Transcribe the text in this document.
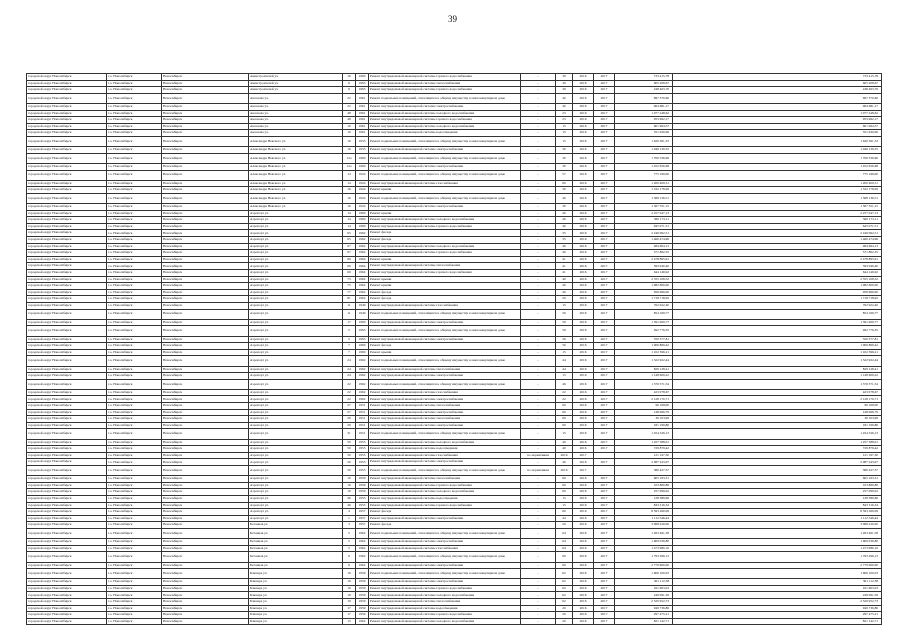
39
городской округ Новосибирск	г.о. Новосибирск	Новосибирск	Авиастроителей ул.	16	1960	Ремонт внутридомовой инженерной системы горячего водоснабжения	-	39	2016	2017	733 415,78	733 415,78
городской округ Новосибирск	г.о. Новосибирск	Новосибирск	Авиастроителей ул.	6	1963	Ремонт внутридомовой инженерной системы теплоснабжения	-	39	2016	2017	605 208,67	605 208,67
городской округ Новосибирск	г.о. Новосибирск	Новосибирск	Авиастроителей ул.	6	1963	Ремонт внутридомовой инженерной системы горячего водоснабжения	-	39	2016	2017	248 463,76	248 463,76
городской округ Новосибирск	г.о. Новосибирск	Новосибирск	Аксенова ул.	22	1961	Ремонт подвальных помещений, относящихся к общему имуществу в многоквартирном доме	-	40	2016	2017	697 370,60	697 370,60
городской округ Новосибирск	г.о. Новосибирск	Новосибирск	Аксенова ул.	22	1961	Ремонт внутридомовой инженерной системы электроснабжения	-	40	2016	2017	964 681,17	964 681,17
городской округ Новосибирск	г.о. Новосибирск	Новосибирск	Аксенова ул.	48	1961	Ремонт внутридомовой инженерной системы холодного водоснабжения	-	23	2016	2017	1 077 248,62	1 077 248,62
городской округ Новосибирск	г.о. Новосибирск	Новосибирск	Аксенова ул.	48	1961	Ремонт внутридомовой инженерной системы горячего водоснабжения	-	23	2016	2017	953 962,17	953 962,17
городской округ Новосибирск	г.о. Новосибирск	Новосибирск	Аксенова ул.	10	1961	Ремонт внутридомовой инженерной системы холодного водоснабжения	-	15	2016	2017	601 964,57	601 964,57
городской округ Новосибирск	г.о. Новосибирск	Новосибирск	Аксенова ул.	10	1961	Ремонт внутридомовой инженерной системы водоотведения	-	15	2016	2017	351 630,06	351 630,06
городской округ Новосибирск	г.о. Новосибирск	Новосибирск	Александра Невского ул.	10	1935	Ремонт подвальных помещений, относящихся к общему имуществу в многоквартирном доме	-	15	2016	2017	1 620 361,33	1 620 361,33
городской округ Новосибирск	г.о. Новосибирск	Новосибирск	Александра Невского ул.	10	1935	Ремонт внутридомовой инженерной системы электроснабжения	-	30	2016	2017	1 046 139,35	1 046 139,35
городской округ Новосибирск	г.о. Новосибирск	Новосибирск	Александра Невского ул.	12а	1960	Ремонт подвальных помещений, относящихся к общему имуществу в многоквартирном доме	-	30	2016	2017	1 706 336,96	1 706 336,96
городской округ Новосибирск	г.о. Новосибирск	Новосибирск	Александра Невского ул.	12а	1960	Ремонт внутридомовой инженерной системы электроснабжения	-	30	2016	2017	1 452 656,68	1 452 656,68
городской округ Новосибирск	г.о. Новосибирск	Новосибирск	Александра Невского ул.	14	1924	Ремонт подвальных помещений, относящихся к общему имуществу в многоквартирном доме	-	57	2016	2017	775 199,00	775 199,00
городской округ Новосибирск	г.о. Новосибирск	Новосибирск	Александра Невского ул.	14	1924	Ремонт внутридомовой инженерной системы газоснабжения	-	60	2016	2017	1 200 409,31	1 200 409,31
городской округ Новосибирск	г.о. Новосибирск	Новосибирск	Александра Невского ул.	16	1924	Ремонт крыши	-	30	2016	2017	1 332 178,09	1 332 178,09
городской округ Новосибирск	г.о. Новосибирск	Новосибирск	Александра Невского ул.	16	1924	Ремонт подвальных помещений, относящихся к общему имуществу в многоквартирном доме	-	40	2016	2017	1 368 136,51	1 368 136,51
городской округ Новосибирск	г.о. Новосибирск	Новосибирск	Александра Невского ул.	16	1924	Ремонт внутридомовой инженерной системы электроснабжения	-	30	2016	2017	1 567 351,15	1 567 351,15
городской округ Новосибирск	г.о. Новосибирск	Новосибирск	Аэропорт ул.	14	1960	Ремонт крыши	-	40	2016	2017	2 257 047,13	2 257 047,13
городской округ Новосибирск	г.о. Новосибирск	Новосибирск	Аэропорт ул.	14	1960	Ремонт внутридомовой инженерной системы холодного водоснабжения	-	40	2016	2017	560 173,11	560 173,11
городской округ Новосибирск	г.о. Новосибирск	Новосибирск	Аэропорт ул.	14	1960	Ремонт внутридомовой инженерной системы горячего водоснабжения	-	40	2016	2017	645 071,51	645 071,51
городской округ Новосибирск	г.о. Новосибирск	Новосибирск	Аэропорт ул.	65	1962	Ремонт фасада	-	35	2016	2017	2 246 062,51	2 246 062,51
городской округ Новосибирск	г.о. Новосибирск	Новосибирск	Аэропорт ул.	65	1962	Ремонт фасада	-	35	2016	2017	1 460 474,96	1 460 474,96
городской округ Новосибирск	г.о. Новосибирск	Новосибирск	Аэропорт ул.	67	1962	Ремонт внутридомовой инженерной системы холодного водоснабжения	-	40	2016	2017	484 664,13	484 664,13
городской округ Новосибирск	г.о. Новосибирск	Новосибирск	Аэропорт ул.	67	1962	Ремонт внутридомовой инженерной системы горячего водоснабжения	-	40	2016	2017	571 862,35	571 862,35
городской округ Новосибирск	г.о. Новосибирск	Новосибирск	Аэропорт ул.	69	1964	Ремонт крыши	-	41	2016	2017	2 478 895,61	2 478 895,61
городской округ Новосибирск	г.о. Новосибирск	Новосибирск	Аэропорт ул.	69	1964	Ремонт внутридомовой инженерной системы теплоснабжения	-	41	2016	2017	593 040,40	593 040,40
городской округ Новосибирск	г.о. Новосибирск	Новосибирск	Аэропорт ул.	69	1964	Ремонт внутридомовой инженерной системы горячего водоснабжения	-	41	2016	2017	644 146,92	644 146,92
городской округ Новосибирск	г.о. Новосибирск	Новосибирск	Аэропорт ул.	73	1962	Ремонт крыши	-	40	2016	2017	2 355 108,52	2 355 108,52
городской округ Новосибирск	г.о. Новосибирск	Новосибирск	Аэропорт ул.	75	1962	Ремонт крыши	-	40	2016	2017	1 982 600,00	1 982 600,00
городской округ Новосибирск	г.о. Новосибирск	Новосибирск	Аэропорт ул.	77	1962	Ремонт фасада	-	40	2016	2017	956 966,00	956 966,00
городской округ Новосибирск	г.о. Новосибирск	Новосибирск	Аэропорт ул.	81	1962	Ремонт фасада	-	20	2016	2017	1 718 718,92	1 718 718,92
городской округ Новосибирск	г.о. Новосибирск	Новосибирск	Аэропорт ул.	11	1949	Ремонт внутридомовой инженерной системы газоснабжения	-	15	2016	2017	762 922,40	762 922,40
городской округ Новосибирск	г.о. Новосибирск	Новосибирск	Аэропорт ул.	11	1949	Ремонт подвальных помещений, относящихся к общему имуществу в многоквартирном доме	-	56	2016	2017	854 169,77	854 169,77
городской округ Новосибирск	г.о. Новосибирск	Новосибирск	Аэропорт ул.	17	1960	Ремонт внутридомовой инженерной системы электроснабжения	-	56	2016	2017	1 391 009,77	1 391 009,77
городской округ Новосибирск	г.о. Новосибирск	Новосибирск	Аэропорт ул.	5	1963	Ремонт подвальных помещений, относящихся к общему имуществу в многоквартирном доме	-	56	2016	2017	492 776,35	492 776,35
городской округ Новосибирск	г.о. Новосибирск	Новосибирск	Аэропорт ул.	5	1963	Ремонт внутридомовой инженерной системы электроснабжения	-	56	2016	2017	350 377,81	350 377,81
городской округ Новосибирск	г.о. Новосибирск	Новосибирск	Аэропорт ул.	7	1960	Ремонт фасада	-	56	2016	2017	1 906 869,42	1 906 869,42
городской округ Новосибирск	г.о. Новосибирск	Новосибирск	Аэропорт ул.	7	1960	Ремонт крыши	-	15	2016	2017	1 102 396,21	1 102 396,21
городской округ Новосибирск	г.о. Новосибирск	Новосибирск	Аэропорт ул.	24	1962	Ремонт подвальных помещений, относящихся к общему имуществу в многоквартирном доме	-	44	2016	2017	1 322 922,44	1 322 922,44
городской округ Новосибирск	г.о. Новосибирск	Новосибирск	Аэропорт ул.	24	1962	Ремонт внутридомовой инженерной системы теплоснабжения	-	44	2016	2017	829 128,41	829 128,41
городской округ Новосибирск	г.о. Новосибирск	Новосибирск	Аэропорт ул.	24	1962	Ремонт внутридомовой инженерной системы электроснабжения	-	15	2016	2017	1 148 609,22	1 148 609,22
городской округ Новосибирск	г.о. Новосибирск	Новосибирск	Аэропорт ул.	22	1962	Ремонт подвальных помещений, относящихся к общему имуществу в многоквартирном доме	-	46	2016	2017	1 376 571,54	1 376 571,54
городской округ Новосибирск	г.о. Новосибирск	Новосибирск	Аэропорт ул.	22	1962	Ремонт внутридомовой инженерной системы газоснабжения	-	22	2016	2017	423 078,67	423 078,67
городской округ Новосибирск	г.о. Новосибирск	Новосибирск	Аэропорт ул.	22	1962	Ремонт внутридомовой инженерной системы электроснабжения	-	22	2016	2017	2 128 170,71	2 128 170,71
городской округ Новосибирск	г.о. Новосибирск	Новосибирск	Аэропорт ул.	27	1951	Ремонт внутридомовой инженерной системы теплоснабжения	-	60	2016	2017	96 168,00	96 168,00
городской округ Новосибирск	г.о. Новосибирск	Новосибирск	Аэропорт ул.	27	1951	Ремонт внутридомовой инженерной системы электроснабжения	-	60	2016	2017	148 066,79	148 066,79
городской округ Новосибирск	г.о. Новосибирск	Новосибирск	Аэропорт ул.	29	1951	Ремонт внутридомовой инженерной системы теплоснабжения	-	60	2016	2017	30 103,99	30 103,99
городской округ Новосибирск	г.о. Новосибирск	Новосибирск	Аэропорт ул.	29	1951	Ремонт внутридомовой инженерной системы электроснабжения	-	60	2016	2017	181 199,86	181 199,86
городской округ Новосибирск	г.о. Новосибирск	Новосибирск	Аэропорт ул.	31	1951	Ремонт подвальных помещений, относящихся к общему имуществу в многоквартирном доме	-	15	2016	2017	1 454 326,13	1 454 326,13
городской округ Новосибирск	г.о. Новосибирск	Новосибирск	Аэропорт ул.	50	1955	Ремонт внутридомовой инженерной системы холодного водоснабжения	-	40	2016	2017	1 457 588,01	1 457 588,01
городской округ Новосибирск	г.о. Новосибирск	Новосибирск	Аэропорт ул.	50	1955	Ремонт внутридомовой инженерной системы водоотведения	-	40	2016	2017	729 879,42	729 879,42
городской округ Новосибирск	г.о. Новосибирск	Новосибирск	Аэропорт ул.	50	1955	Ремонт внутридомовой инженерной системы газоснабжения	по нормативам	2016	2017		121 197,30	121 197,30
городской округ Новосибирск	г.о. Новосибирск	Новосибирск	Аэропорт ул.	50	1955	Ремонт внутридомовой инженерной системы электроснабжения	-	40	2016	2017	2 087 243,07	2 087 243,07
городской округ Новосибирск	г.о. Новосибирск	Новосибирск	Аэропорт ул.	50	1955	Ремонт подвальных помещений, относящихся к общему имуществу в многоквартирном доме	по нормативам	2016	2017		380 427,57	380 427,57
городской округ Новосибирск	г.о. Новосибирск	Новосибирск	Аэропорт ул.	10	1959	Ремонт внутридомовой инженерной системы теплоснабжения	-	60	2016	2017	605 163,31	605 163,31
городской округ Новосибирск	г.о. Новосибирск	Новосибирск	Аэропорт ул.	10	1959	Ремонт внутридомовой инженерной системы горячего водоснабжения	-	60	2016	2017	103 860,89	103 860,89
городской округ Новосибирск	г.о. Новосибирск	Новосибирск	Аэропорт ул.	10	1959	Ремонт внутридомовой инженерной системы холодного водоснабжения	-	60	2016	2017	257 099,02	257 099,02
городской округ Новосибирск	г.о. Новосибирск	Новосибирск	Аэропорт ул.	46	1955	Ремонт внутридомовой инженерной системы водоотведения	-	15	2016	2017	128 389,66	128 389,66
городской округ Новосибирск	г.о. Новосибирск	Новосибирск	Аэропорт ул.	46	1955	Ремонт внутридомовой инженерной системы горячего водоснабжения	-	15	2016	2017	843 316,34	843 316,34
городской округ Новосибирск	г.о. Новосибирск	Новосибирск	Аэропорт ул.	4	1957	Ремонт фасада	-	60	2016	2017	8 593 260,09	8 593 260,09
городской округ Новосибирск	г.о. Новосибирск	Новосибирск	Аэропорт ул.	1	1957	Ремонт внутридомовой инженерной системы электроснабжения	-	44	2016	2017	1 112 546,44	1 112 546,44
городской округ Новосибирск	г.о. Новосибирск	Новосибирск	Бетонная ул.	3	1957	Ремонт фасада	-	20	2016	2017	3 068 220,00	3 068 220,00
городской округ Новосибирск	г.о. Новосибирск	Новосибирск	Бетонная ул.	5	1962	Ремонт подвальных помещений, относящихся к общему имуществу в многоквартирном доме	-	64	2016	2017	1 263 461,58	1 263 461,58
городской округ Новосибирск	г.о. Новосибирск	Новосибирск	Бетонная ул.	5	1962	Ремонт внутридомовой инженерной системы электроснабжения	-	64	2016	2017	1 609 036,80	1 609 036,80
городской округ Новосибирск	г.о. Новосибирск	Новосибирск	Бетонная ул.	5	1962	Ремонт внутридомовой инженерной системы газоснабжения	-	64	2016	2017	1 473 980,16	1 473 980,16
городской округ Новосибирск	г.о. Новосибирск	Новосибирск	Бетонная ул.	9	1962	Ремонт подвальных помещений, относящихся к общему имуществу в многоквартирном доме	-	60	2016	2017	1 793 296,13	1 793 296,13
городской округ Новосибирск	г.о. Новосибирск	Новосибирск	Бетонная ул.	9	1962	Ремонт внутридомовой инженерной системы электроснабжения	-	60	2016	2017	2 779 600,00	2 779 600,00
городской округ Новосибирск	г.о. Новосибирск	Новосибирск	Блюхера ул.	19	1959	Ремонт подвальных помещений, относящихся к общему имуществу в многоквартирном доме	-	62	2016	2017	1 606 100,03	1 606 100,03
городской округ Новосибирск	г.о. Новосибирск	Новосибирск	Блюхера ул.	19	1959	Ремонт внутридомовой инженерной системы электроснабжения	-	62	2016	2017	361 112,38	361 112,38
городской округ Новосибирск	г.о. Новосибирск	Новосибирск	Блюхера ул.	19	1959	Ремонт внутридомовой инженерной системы горячего водоснабжения	-	62	2016	2017	161 603,03	161 603,03
городской округ Новосибирск	г.о. Новосибирск	Новосибирск	Блюхера ул.	19	1959	Ремонт внутридомовой инженерной системы холодного водоснабжения	-	62	2016	2017	249 091,59	249 091,59
городской округ Новосибирск	г.о. Новосибирск	Новосибирск	Блюхера ул.	19	1959	Ремонт внутридомовой инженерной системы теплоснабжения	-	62	2016	2017	2 520 952,73	2 520 952,73
городской округ Новосибирск	г.о. Новосибирск	Новосибирск	Блюхера ул.	17	1959	Ремонт внутридомовой инженерной системы водоотведения	-	20	2016	2017	949 736,86	949 736,86
городской округ Новосибирск	г.о. Новосибирск	Новосибирск	Блюхера ул.	17	1959	Ремонт внутридомовой инженерной системы горячего водоснабжения	-	20	2016	2017	297 475,21	297 475,21
городской округ Новосибирск	г.о. Новосибирск	Новосибирск	Блюхера ул.	15	1962	Ремонт внутридомовой инженерной системы холодного водоснабжения	-	20	2016	2017	821 142,71	821 142,71
